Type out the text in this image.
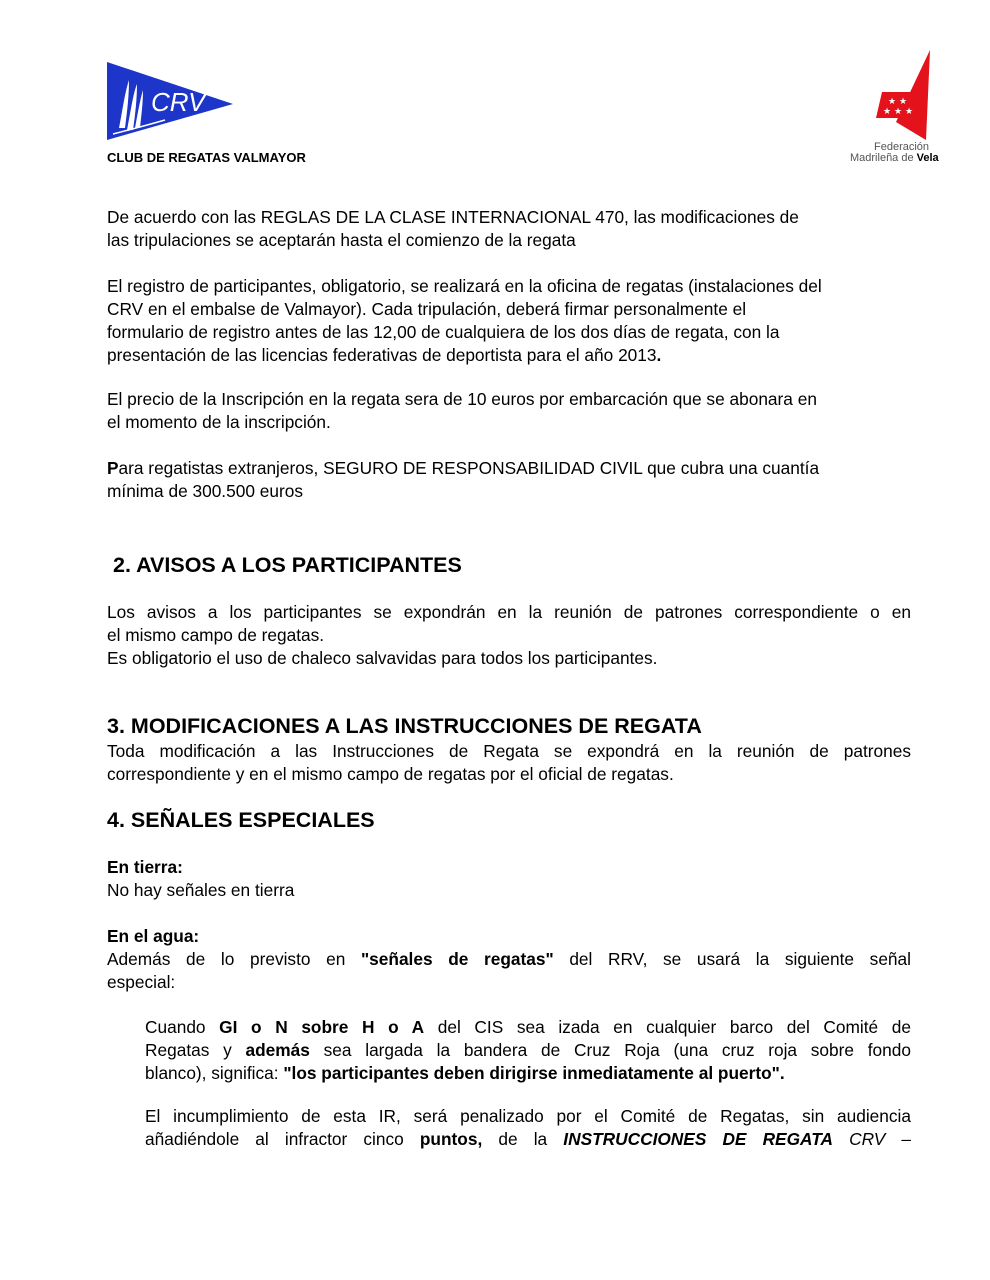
CRV
CLUB DE REGATAS VALMAYOR
★ ★
★ ★ ★
Federación
Madrileña de Vela
De acuerdo con las REGLAS DE LA CLASE INTERNACIONAL 470, las modificaciones de
las tripulaciones se aceptarán hasta el comienzo de la regata
El registro de participantes, obligatorio, se realizará en la oficina de regatas (instalaciones del
CRV en el embalse de Valmayor). Cada tripulación, deberá firmar personalmente el
formulario de registro antes de las 12,00 de cualquiera de los dos días de regata, con la
presentación de las licencias federativas de deportista para el año 2013.
El precio de la Inscripción en la regata sera de 10 euros por embarcación que se abonara en
el momento de la inscripción.
Para regatistas extranjeros, SEGURO DE RESPONSABILIDAD CIVIL que cubra una cuantía
mínima de 300.500 euros
2. AVISOS A LOS PARTICIPANTES
Los avisos a los participantes se expondrán en la reunión de patrones correspondiente o en
el mismo campo de regatas.
Es obligatorio el uso de chaleco salvavidas para todos los participantes.
3. MODIFICACIONES A LAS INSTRUCCIONES DE REGATA
Toda modificación a las Instrucciones de Regata se expondrá en la reunión de patrones
correspondiente y en el mismo campo de regatas por el oficial de regatas.
4. SEÑALES ESPECIALES
En tierra:
No hay señales en tierra
En el agua:
Además de lo previsto en "señales de regatas" del RRV, se usará la siguiente señal
especial:
Cuando GI o N sobre H o A del CIS sea izada en cualquier barco del Comité de
Regatas y además sea largada la bandera de Cruz Roja (una cruz roja sobre fondo
blanco), significa: "los participantes deben dirigirse inmediatamente al puerto".
El incumplimiento de esta IR, será penalizado por el Comité de Regatas, sin audiencia
añadiéndole al infractor cinco puntos, de la INSTRUCCIONES DE REGATA CRV –
